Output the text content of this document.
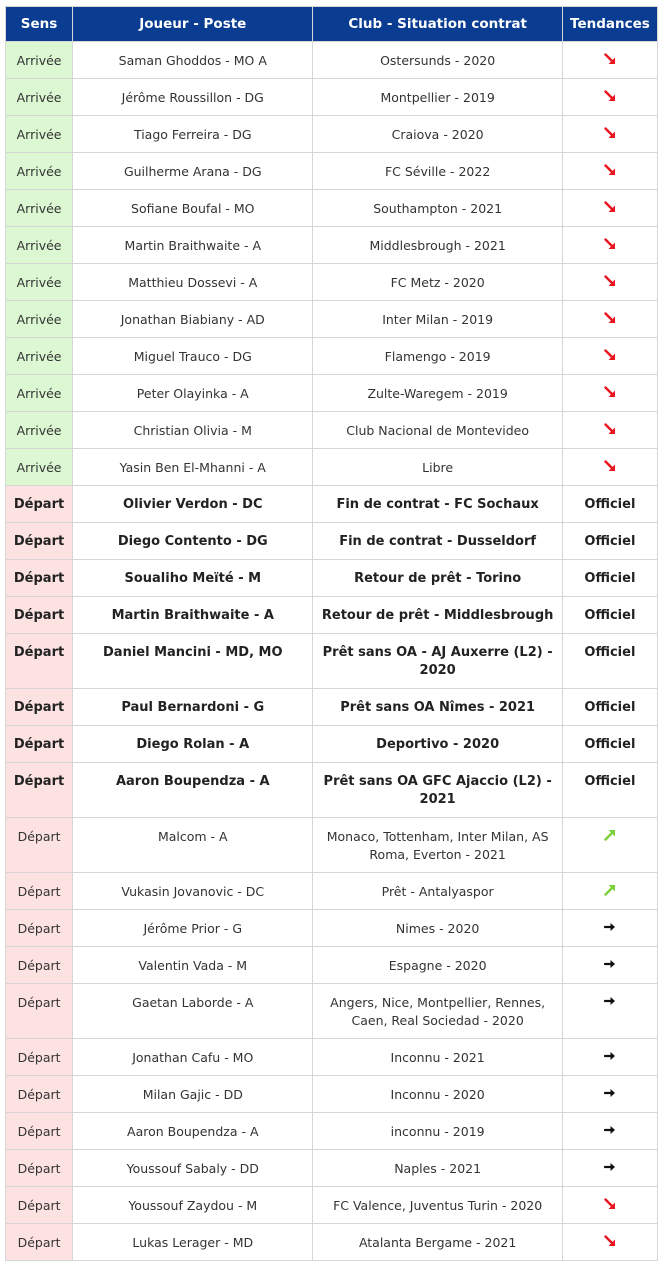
Sens	Joueur - Poste	Club - Situation contrat	Tendances
Arrivée	Saman Ghoddos - MO A	Ostersunds - 2020	

Arrivée	Jérôme Roussillon - DG	Montpellier - 2019	

Arrivée	Tiago Ferreira - DG	Craiova - 2020	

Arrivée	Guilherme Arana - DG	FC Séville - 2022	

Arrivée	Sofiane Boufal - MO	Southampton - 2021	

Arrivée	Martin Braithwaite - A	Middlesbrough - 2021	

Arrivée	Matthieu Dossevi - A	FC Metz - 2020	

Arrivée	Jonathan Biabiany - AD	Inter Milan - 2019	

Arrivée	Miguel Trauco - DG	Flamengo - 2019	

Arrivée	Peter Olayinka - A	Zulte-Waregem - 2019	

Arrivée	Christian Olivia - M	Club Nacional de Montevideo	

Arrivée	Yasin Ben El-Mhanni - A	Libre	

Départ	Olivier Verdon - DC	Fin de contrat - FC Sochaux	Officiel
Départ	Diego Contento - DG	Fin de contrat - Dusseldorf	Officiel
Départ	Soualiho Meïté - M	Retour de prêt - Torino	Officiel
Départ	Martin Braithwaite - A	Retour de prêt - Middlesbrough	Officiel
Départ	Daniel Mancini - MD, MO	Prêt sans OA - AJ Auxerre (L2) - 2020	Officiel
Départ	Paul Bernardoni - G	Prêt sans OA Nîmes - 2021	Officiel
Départ	Diego Rolan - A	Deportivo - 2020	Officiel
Départ	Aaron Boupendza - A	Prêt sans OA GFC Ajaccio (L2) - 2021	Officiel
Départ	Malcom - A	Monaco, Tottenham, Inter Milan, AS Roma, Everton - 2021	

Départ	Vukasin Jovanovic - DC	Prêt - Antalyaspor	

Départ	Jérôme Prior - G	Nimes - 2020	

Départ	Valentin Vada - M	Espagne - 2020	

Départ	Gaetan Laborde - A	Angers, Nice, Montpellier, Rennes, Caen, Real Sociedad - 2020	

Départ	Jonathan Cafu - MO	Inconnu - 2021	

Départ	Milan Gajic - DD	Inconnu - 2020	

Départ	Aaron Boupendza - A	inconnu - 2019	

Départ	Youssouf Sabaly - DD	Naples - 2021	

Départ	Youssouf Zaydou - M	FC Valence, Juventus Turin - 2020	

Départ	Lukas Lerager - MD	Atalanta Bergame - 2021	
